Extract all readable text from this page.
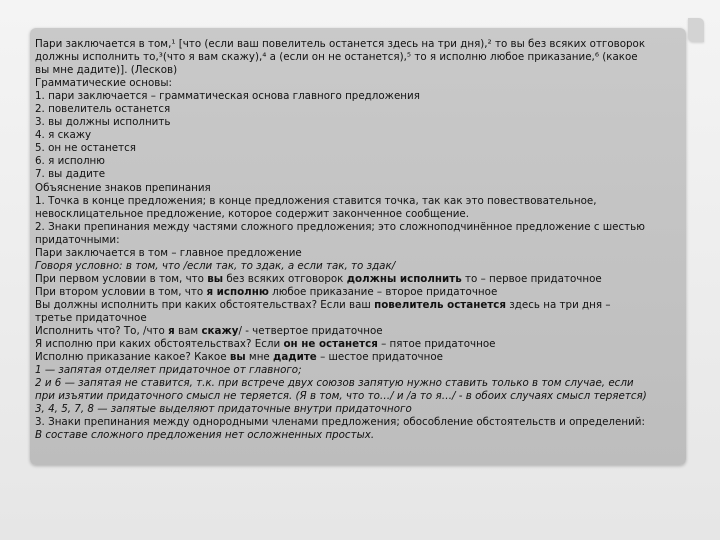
Пари заключается в том,¹ [что (если ваш повелитель останется здесь на три дня),² то вы без всяких отговорок
должны исполнить то,³(что я вам скажу),⁴ а (если он не останется),⁵ то я исполню любое приказание,⁶ (какое
вы мне дадите)]. (Лесков)
Грамматические основы:
1. пари заключается – грамматическая основа главного предложения
2. повелитель останется
3. вы должны исполнить
4. я скажу
5. он не останется
6. я исполню
7. вы дадите
Объяснение знаков препинания
1. Точка в конце предложения; в конце предложения ставится точка, так как это повествовательное,
невосклицательное предложение, которое содержит законченное сообщение.
2. Знаки препинания между частями сложного предложения; это сложноподчинённое предложение с шестью
придаточными:
Пари заключается в том – главное предложение
Говоря условно: в том, что /если так, то здак, а если так, то здак/
При первом условии в том, что вы без всяких отговорок должны исполнить то – первое придаточное
При втором условии в том, что я исполню любое приказание – второе придаточное
Вы должны исполнить при каких обстоятельствах? Если ваш повелитель останется здесь на три дня –
третье придаточное
Исполнить что? То, /что я вам скажу/ - четвертое придаточное
Я исполню при каких обстоятельствах? Если он не останется – пятое придаточное
Исполню приказание какое? Какое вы мне дадите – шестое придаточное
1 — запятая отделяет придаточное от главного;
2 и 6 — запятая не ставится, т.к. при встрече двух союзов запятую нужно ставить только в том случае, если
при изъятии придаточного смысл не теряется. (Я в том, что то…/ и /а то я…/ - в обоих случаях смысл теряется)
3, 4, 5, 7, 8 — запятые выделяют придаточные внутри придаточного
3. Знаки препинания между однородными членами предложения; обособление обстоятельств и определений:
В составе сложного предложения нет осложненных простых.
